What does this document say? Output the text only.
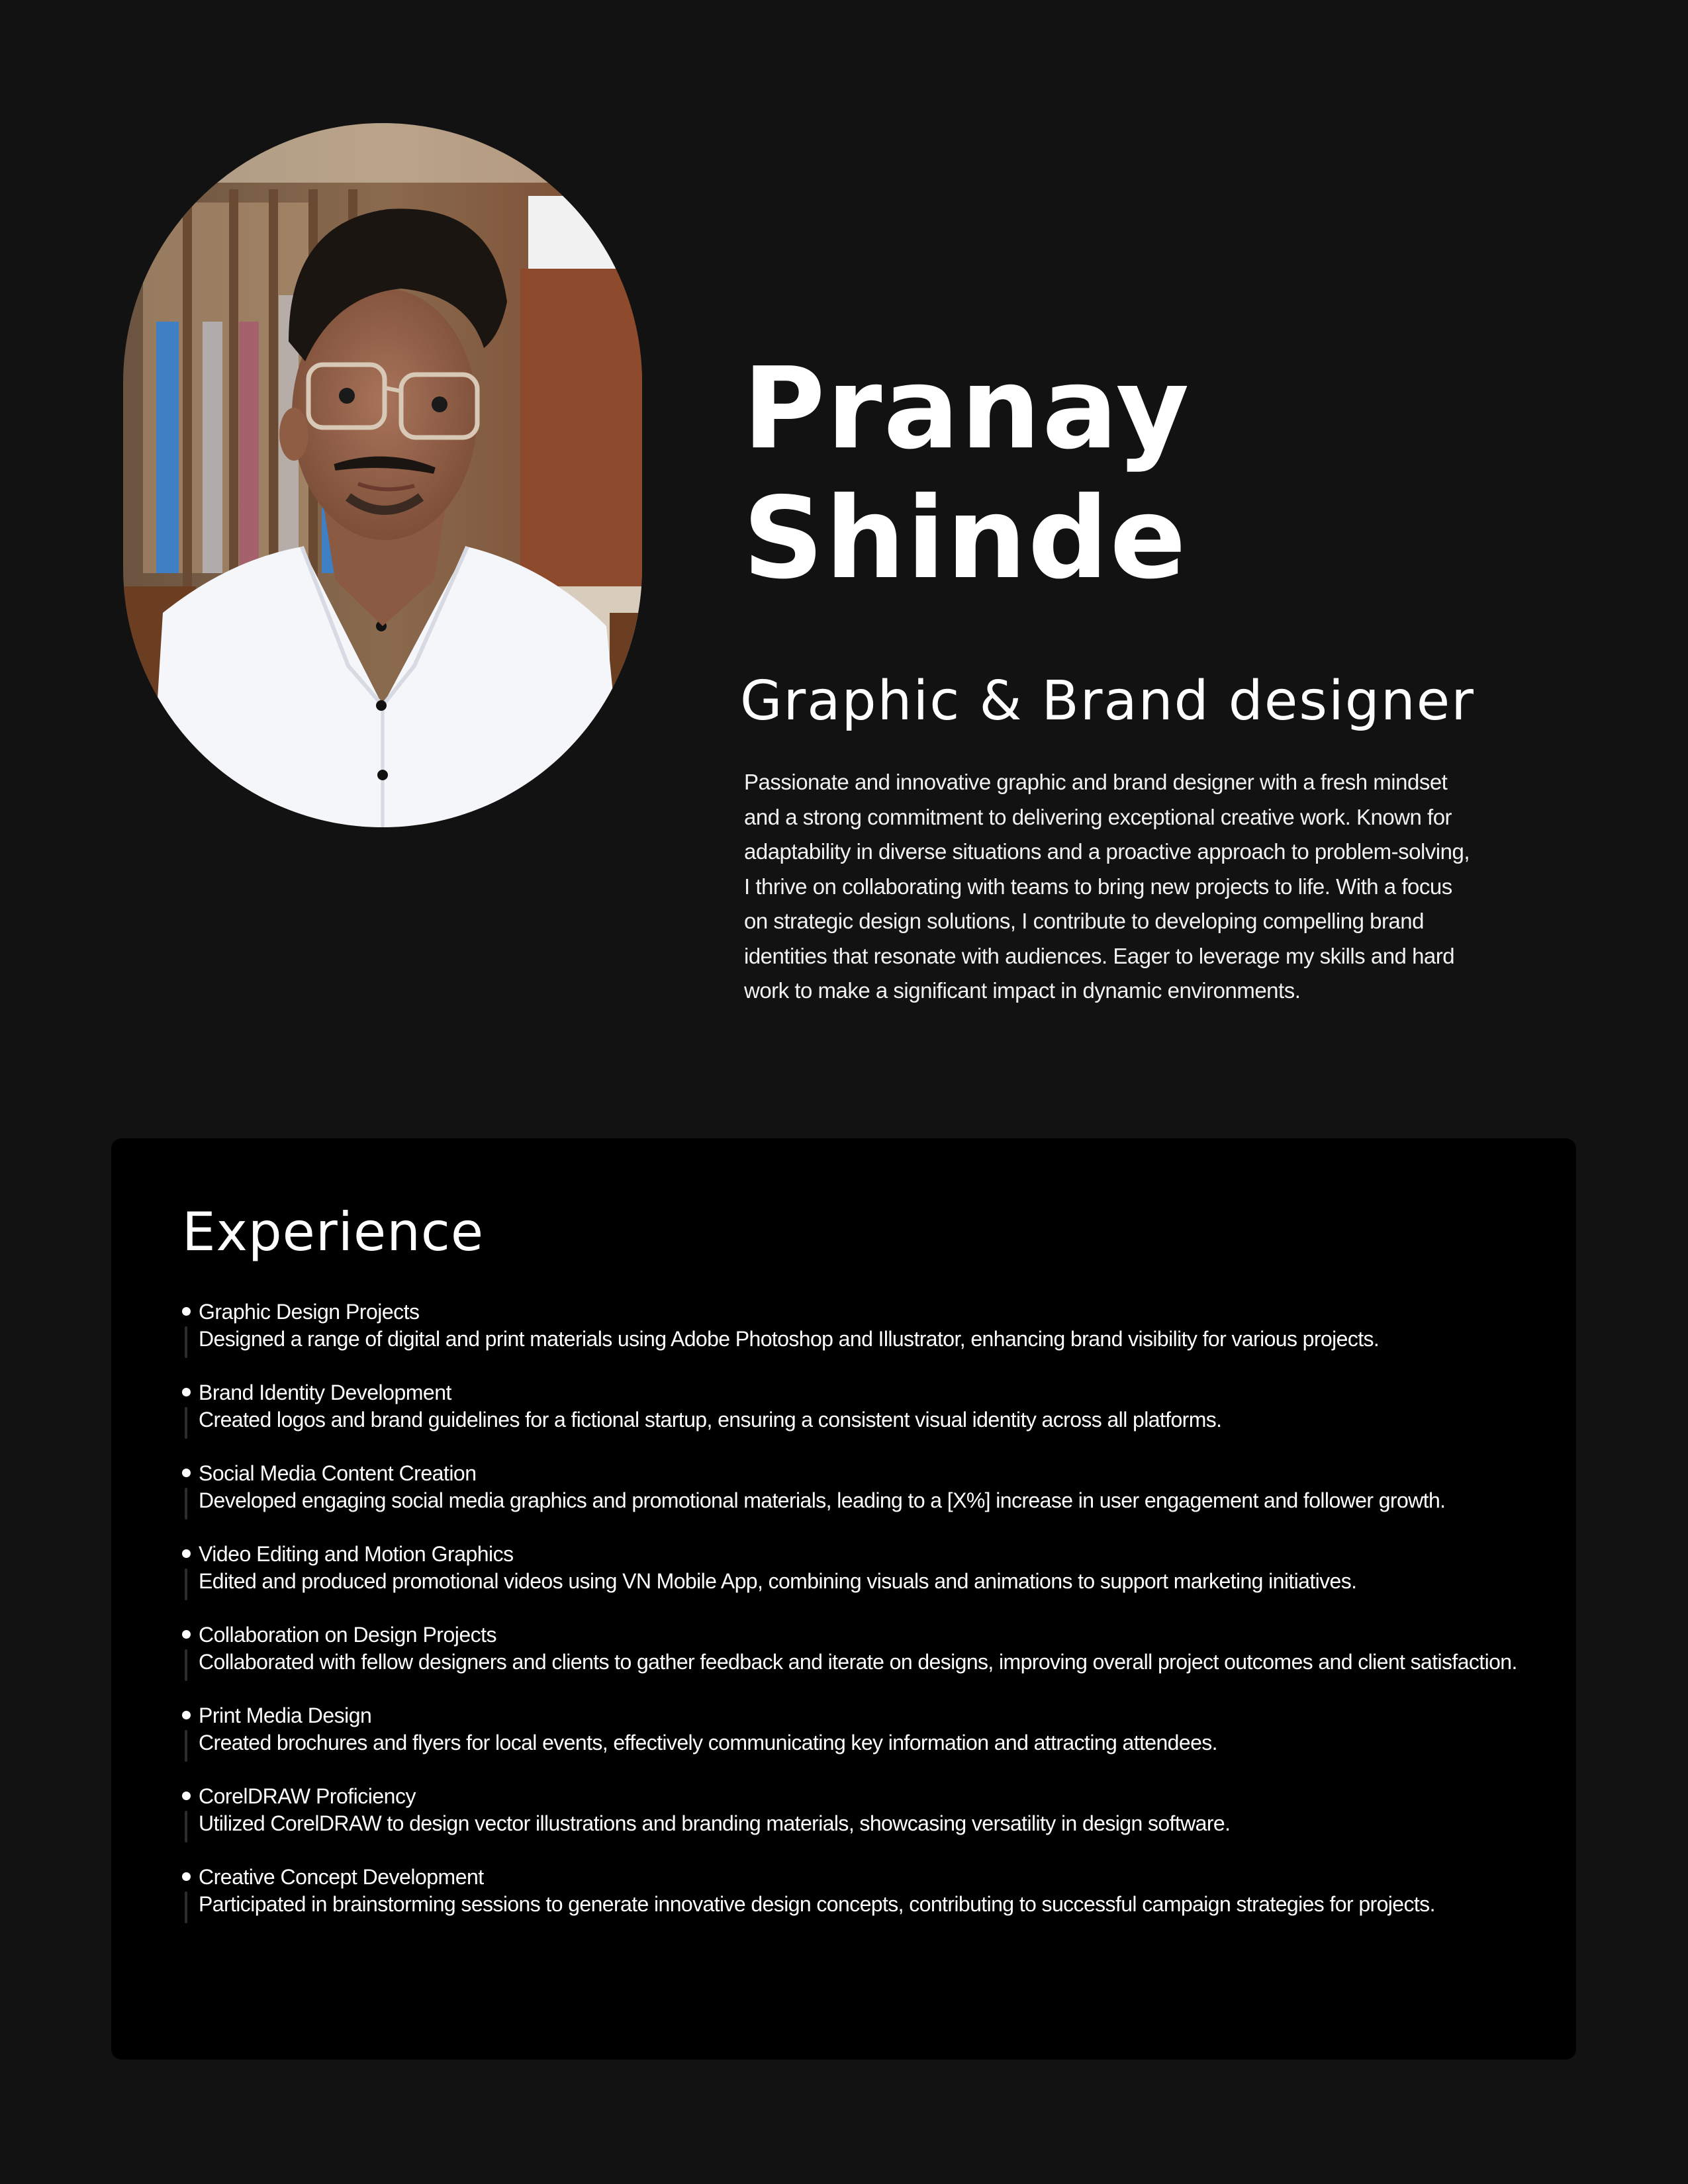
Pranay
Shinde
Graphic & Brand designer
Passionate and innovative graphic and brand designer with a fresh mindset
and a strong commitment to delivering exceptional creative work. Known for
adaptability in diverse situations and a proactive approach to problem-solving,
I thrive on collaborating with teams to bring new projects to life. With a focus
on strategic design solutions, I contribute to developing compelling brand
identities that resonate with audiences. Eager to leverage my skills and hard
work to make a significant impact in dynamic environments.
Experience
Graphic Design Projects
Designed a range of digital and print materials using Adobe Photoshop and Illustrator, enhancing brand visibility for various projects.
Brand Identity Development
Created logos and brand guidelines for a fictional startup, ensuring a consistent visual identity across all platforms.
Social Media Content Creation
Developed engaging social media graphics and promotional materials, leading to a [X%] increase in user engagement and follower growth.
Video Editing and Motion Graphics
Edited and produced promotional videos using VN Mobile App, combining visuals and animations to support marketing initiatives.
Collaboration on Design Projects
Collaborated with fellow designers and clients to gather feedback and iterate on designs, improving overall project outcomes and client satisfaction.
Print Media Design
Created brochures and flyers for local events, effectively communicating key information and attracting attendees.
CorelDRAW Proficiency
Utilized CorelDRAW to design vector illustrations and branding materials, showcasing versatility in design software.
Creative Concept Development
Participated in brainstorming sessions to generate innovative design concepts, contributing to successful campaign strategies for projects.
